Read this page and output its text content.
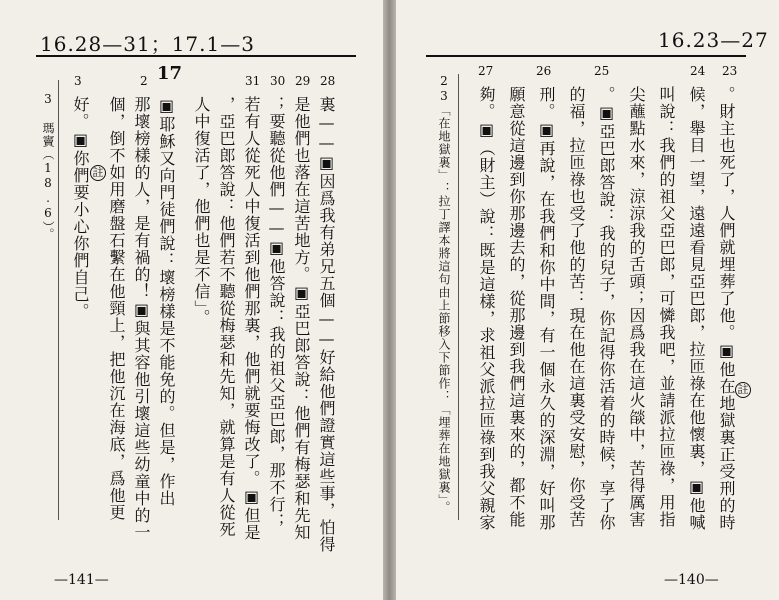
16.28—31；17.1—3
28
29
30
31
17
2
3
裏——▣因爲我有弟兄五個——好給他們證實這些事，怕得
是他們也落在這苦地方。▣亞巴郎答說：他們有梅瑟和先知
；要聽從他們——▣他答說：我的祖父亞巴郎，那不行；
若有人從死人中復活到他們那裏，他們就要悔改了。▣但是
，亞巴郎答說：他們若不聽從梅瑟和先知，就算是有人從死
人中復活了，他們也是不信」。
▣耶穌又向門徒們說：壞榜樣是不能免的。但是，作出
那壞榜樣的人，是有禍的！▣與其容他引壞這些幼童中的一
個，倒不如用磨盤石繫在他頸上，把他沉在海底，爲他更
好。▣你們要小心你們自己。 註
3 瑪竇（18.6）。
—141—
16.23—27
23
24
25
26
27
。財主也死了，人們就埋葬了他。▣他在地獄裏正受刑的時
候，舉目一望，遠遠看見亞巴郎，拉匝祿在他懷裏，▣他喊
叫說：我們的祖父亞巴郎，可憐我吧，並請派拉匝祿，用指
尖蘸點水來，涼涼我的舌頭；因爲我在這火燄中，苦得厲害
。▣亞巴郎答說：我的兒子，你記得你活着的時候，享了你
的福，拉匝祿也受了他的苦：現在他在這裏受安慰，你受苦
刑。▣再說，在我們和你中間，有一個永久的深淵，好叫那
願意從這邊到你那邊去的，從那邊到我們這裏來的，都不能
夠。▣（財主）說：既是這樣，求祖父派拉匝祿到我父親家	註
23「在地獄裏」：拉丁譯本將這句由上節移入下節作：「埋葬在地獄裏」。
—140—
